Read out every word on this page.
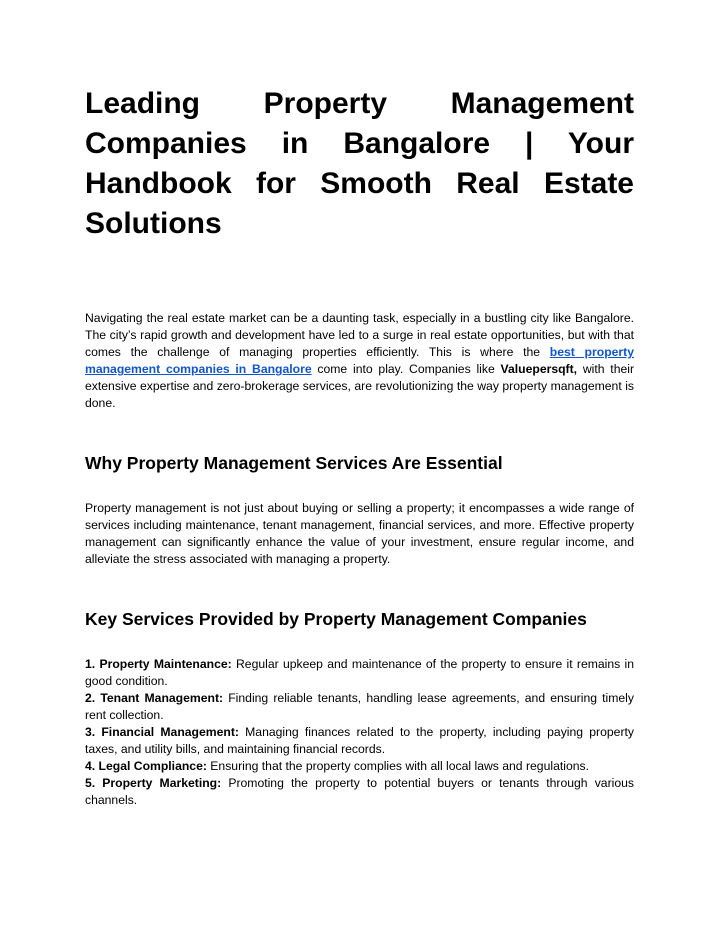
Leading Property Management Companies in Bangalore | Your Handbook for Smooth Real Estate Solutions

Navigating the real estate market can be a daunting task, especially in a bustling city like Bangalore. The city’s rapid growth and development have led to a surge in real estate opportunities, but with that comes the challenge of managing properties efficiently. This is where the best property management companies in Bangalore come into play. Companies like Valuepersqft, with their extensive expertise and zero-brokerage services, are revolutionizing the way property management is done.

Why Property Management Services Are Essential

Property management is not just about buying or selling a property; it encompasses a wide range of services including maintenance, tenant management, financial services, and more. Effective property management can significantly enhance the value of your investment, ensure regular income, and alleviate the stress associated with managing a property.

Key Services Provided by Property Management Companies
1. Property Maintenance: Regular upkeep and maintenance of the property to ensure it remains in good condition.
2. Tenant Management: Finding reliable tenants, handling lease agreements, and ensuring timely rent collection.
3. Financial Management: Managing finances related to the property, including paying property taxes, and utility bills, and maintaining financial records.
4. Legal Compliance: Ensuring that the property complies with all local laws and regulations.
5. Property Marketing: Promoting the property to potential buyers or tenants through various channels.
